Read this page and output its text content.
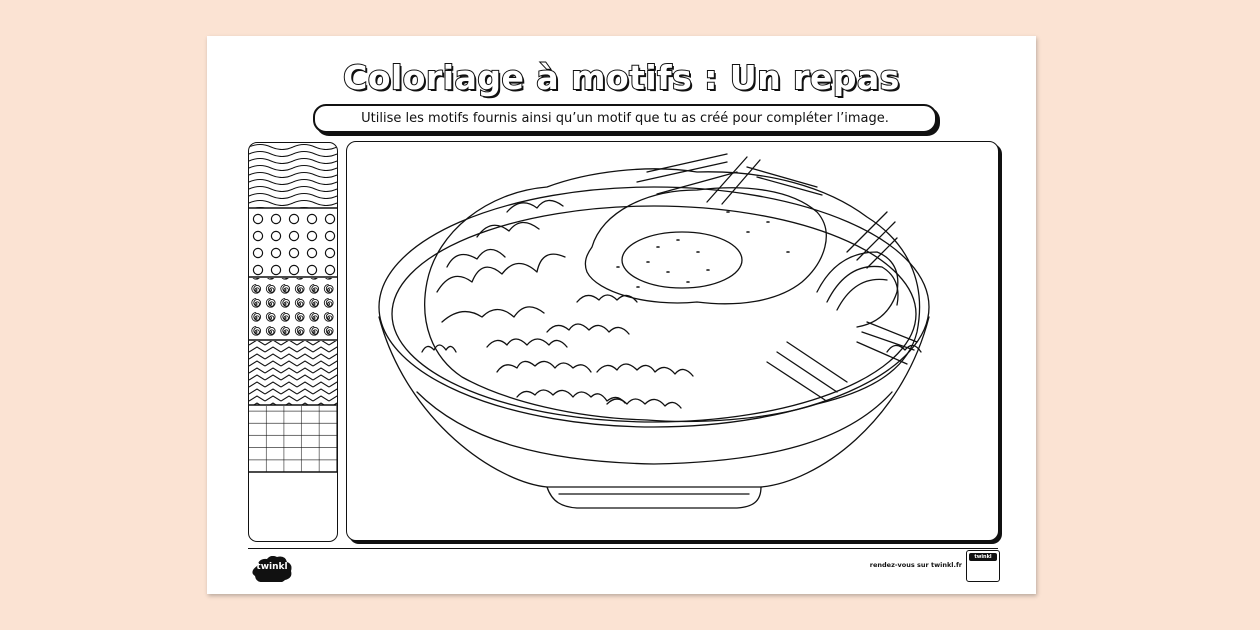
Coloriage à motifs : Un repas
Utilise les motifs fournis ainsi qu’un motif que tu as créé pour compléter l’image.
twinkl	rendez-vous sur twinkl.fr
twinkl
